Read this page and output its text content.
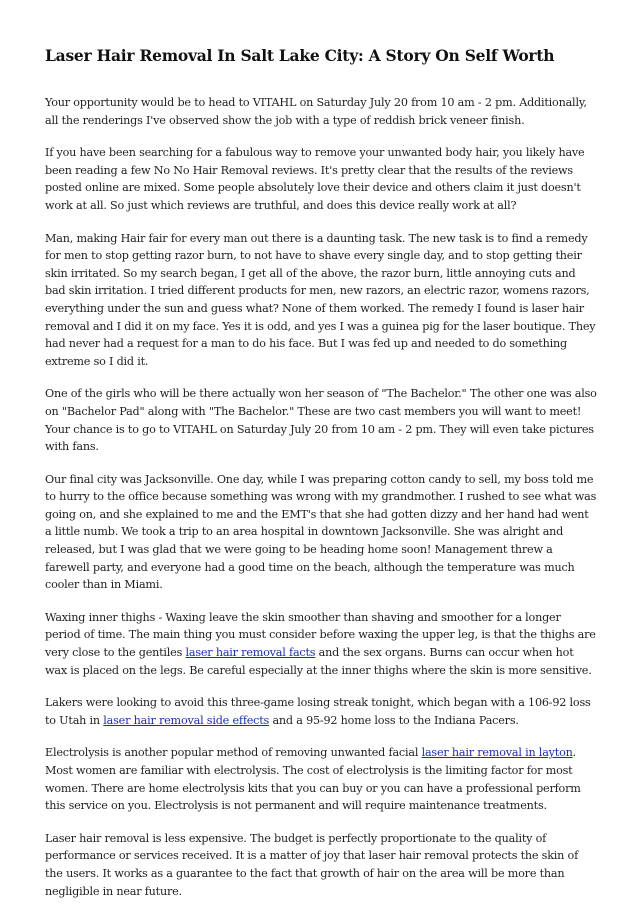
Laser Hair Removal In Salt Lake City: A Story On Self Worth

Your opportunity would be to head to VITAHL on Saturday July 20 from 10 am - 2 pm. Additionally, all the renderings I've observed show the job with a type of reddish brick veneer finish.

If you have been searching for a fabulous way to remove your unwanted body hair, you likely have been reading a few No No Hair Removal reviews. It's pretty clear that the results of the reviews posted online are mixed. Some people absolutely love their device and others claim it just doesn't work at all. So just which reviews are truthful, and does this device really work at all?

Man, making Hair fair for every man out there is a daunting task. The new task is to find a remedy for men to stop getting razor burn, to not have to shave every single day, and to stop getting their skin irritated. So my search began, I get all of the above, the razor burn, little annoying cuts and bad skin irritation. I tried different products for men, new razors, an electric razor, womens razors, everything under the sun and guess what? None of them worked. The remedy I found is laser hair removal and I did it on my face. Yes it is odd, and yes I was a guinea pig for the laser boutique. They had never had a request for a man to do his face. But I was fed up and needed to do something extreme so I did it.

One of the girls who will be there actually won her season of "The Bachelor." The other one was also on "Bachelor Pad" along with "The Bachelor." These are two cast members you will want to meet! Your chance is to go to VITAHL on Saturday July 20 from 10 am - 2 pm. They will even take pictures with fans.

Our final city was Jacksonville. One day, while I was preparing cotton candy to sell, my boss told me to hurry to the office because something was wrong with my grandmother. I rushed to see what was going on, and she explained to me and the EMT's that she had gotten dizzy and her hand had went a little numb. We took a trip to an area hospital in downtown Jacksonville. She was alright and released, but I was glad that we were going to be heading home soon! Management threw a farewell party, and everyone had a good time on the beach, although the temperature was much cooler than in Miami.

Waxing inner thighs - Waxing leave the skin smoother than shaving and smoother for a longer period of time. The main thing you must consider before waxing the upper leg, is that the thighs are very close to the gentiles laser hair removal facts and the sex organs. Burns can occur when hot wax is placed on the legs. Be careful especially at the inner thighs where the skin is more sensitive.

Lakers were looking to avoid this three-game losing streak tonight, which began with a 106-92 loss to Utah in laser hair removal side effects and a 95-92 home loss to the Indiana Pacers.

Electrolysis is another popular method of removing unwanted facial laser hair removal in layton. Most women are familiar with electrolysis. The cost of electrolysis is the limiting factor for most women. There are home electrolysis kits that you can buy or you can have a professional perform this service on you. Electrolysis is not permanent and will require maintenance treatments.

Laser hair removal is less expensive. The budget is perfectly proportionate to the quality of performance or services received. It is a matter of joy that laser hair removal protects the skin of the users. It works as a guarantee to the fact that growth of hair on the area will be more than negligible in near future.
